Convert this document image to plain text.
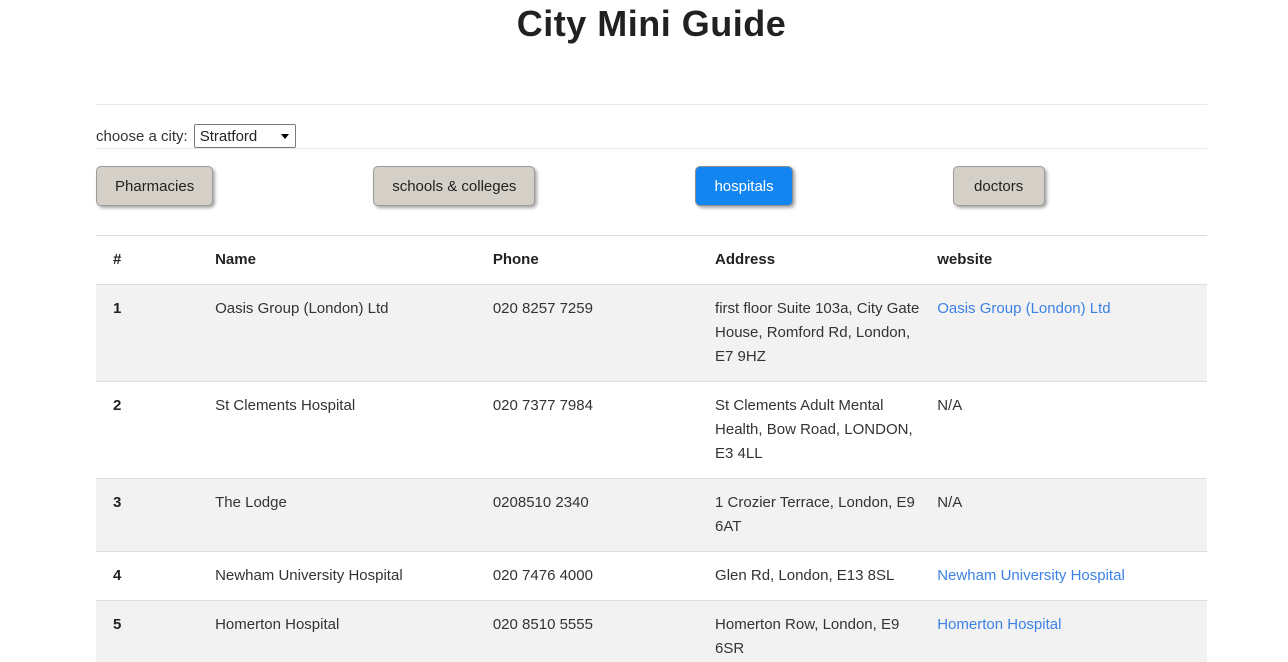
City Mini Guide
choose a city:
Stratford
Pharmacies	schools & colleges	hospitals	doctors
#	Name	Phone	Address	website
1	Oasis Group (London) Ltd	020 8257 7259	first floor Suite 103a, City Gate House, Romford Rd, London, E7 9HZ	Oasis Group (London) Ltd
2	St Clements Hospital	020 7377 7984	St Clements Adult Mental Health, Bow Road, LONDON, E3 4LL	N/A
3	The Lodge	0208510 2340	1 Crozier Terrace, London, E9 6AT	N/A
4	Newham University Hospital	020 7476 4000	Glen Rd, London, E13 8SL	Newham University Hospital
5	Homerton Hospital	020 8510 5555	Homerton Row, London, E9 6SR	Homerton Hospital
